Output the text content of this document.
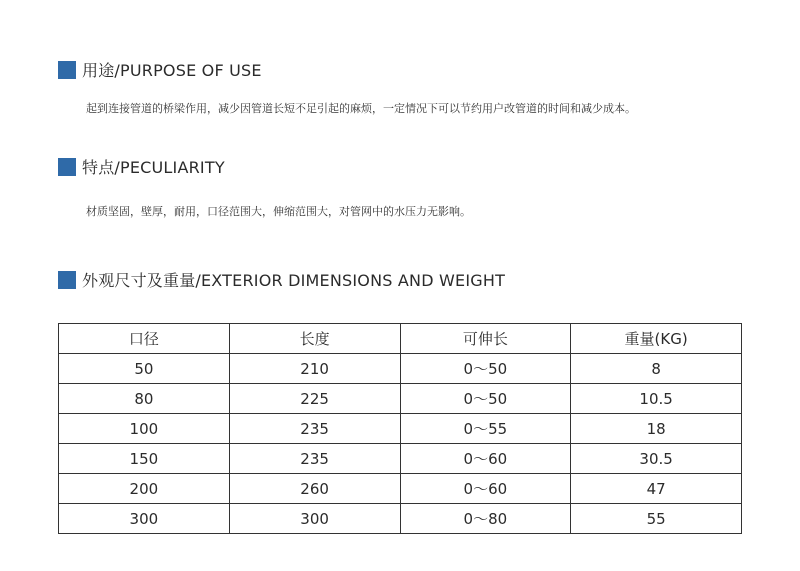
用途/PURPOSE OF USE
起到连接管道的桥梁作用，减少因管道长短不足引起的麻烦，一定情况下可以节约用户改管道的时间和减少成本。
特点/PECULIARITY
材质坚固，壁厚，耐用，口径范围大，伸缩范围大，对管网中的水压力无影响。
外观尺寸及重量/EXTERIOR DIMENSIONS AND WEIGHT
口径	长度	可伸长	重量(KG)
50	210	0～50	8
80	225	0～50	10.5
100	235	0～55	18
150	235	0～60	30.5
200	260	0～60	47
300	300	0～80	55
